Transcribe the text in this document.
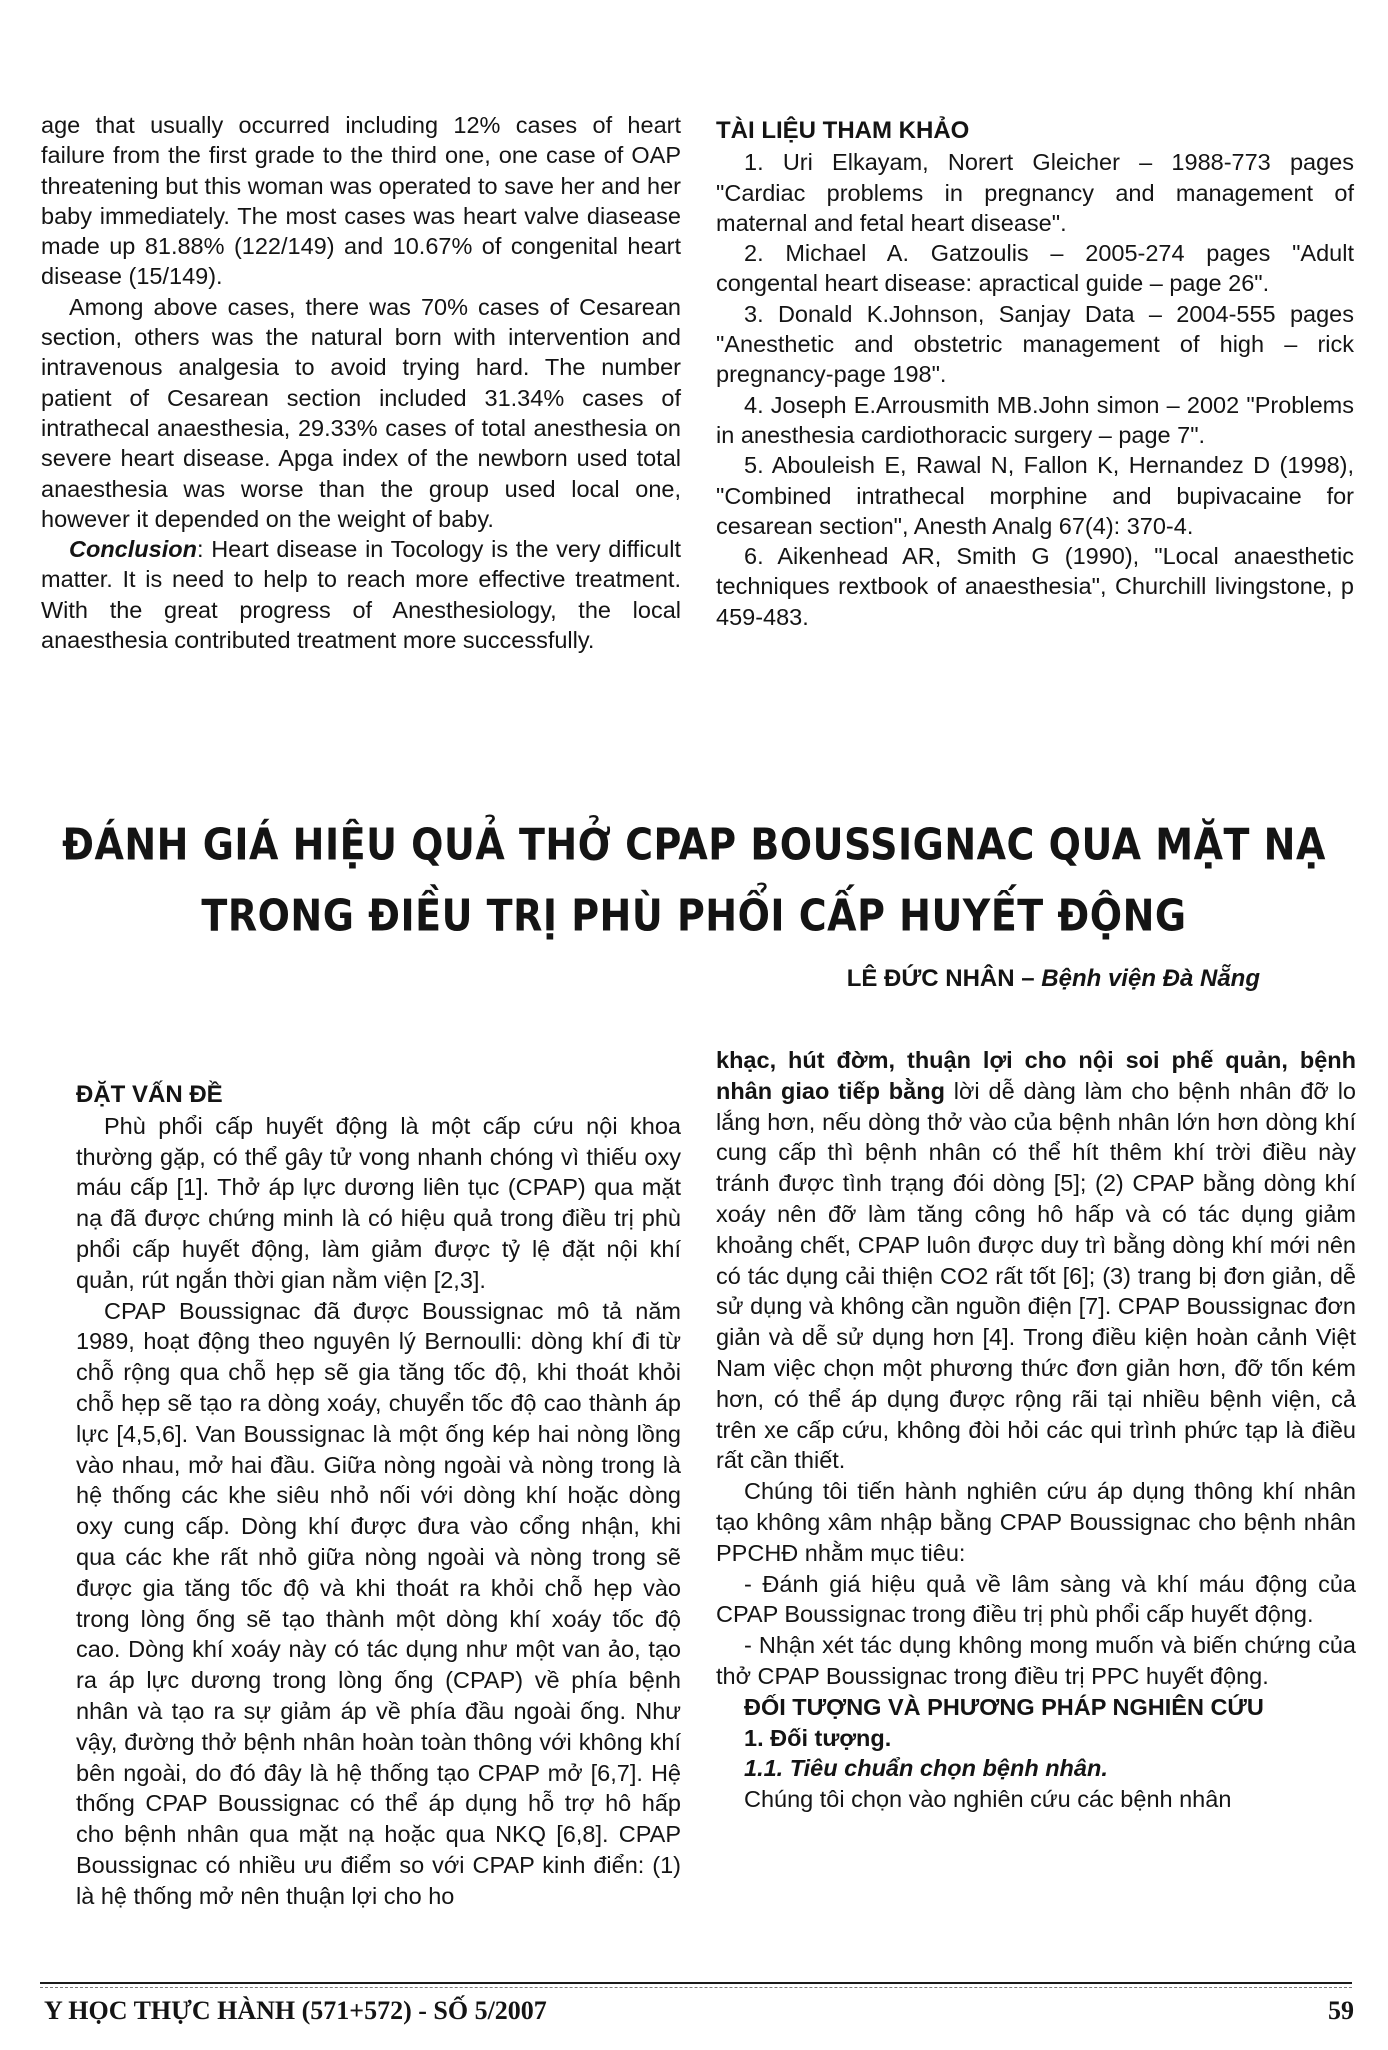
age that usually occurred including 12% cases of heart failure from the first grade to the third one, one case of OAP threatening but this woman was operated to save her and her baby immediately. The most cases was heart valve diasease made up 81.88% (122/149) and 10.67% of congenital heart disease (15/149).

Among above cases, there was 70% cases of Cesarean section, others was the natural born with intervention and intravenous analgesia to avoid trying hard. The number patient of Cesarean section included 31.34% cases of intrathecal anaesthesia, 29.33% cases of total anesthesia on severe heart disease. Apga index of the newborn used total anaesthesia was worse than the group used local one, however it depended on the weight of baby.

Conclusion: Heart disease in Tocology is the very difficult matter. It is need to help to reach more effective treatment. With the great progress of Anesthesiology, the local anaesthesia contributed treatment more successfully.

TÀI LIỆU THAM KHẢO

1. Uri Elkayam, Norert Gleicher – 1988-773 pages "Cardiac problems in pregnancy and management of maternal and fetal heart disease".

2. Michael A. Gatzoulis – 2005-274 pages "Adult congental heart disease: apractical guide – page 26".

3. Donald K.Johnson, Sanjay Data – 2004-555 pages "Anesthetic and obstetric management of high – rick pregnancy-page 198".

4. Joseph E.Arrousmith MB.John simon – 2002 "Problems in anesthesia cardiothoracic surgery – page 7".

5. Abouleish E, Rawal N, Fallon K, Hernandez D (1998), "Combined intrathecal morphine and bupivacaine for cesarean section", Anesth Analg 67(4): 370-4.

6. Aikenhead AR, Smith G (1990), "Local anaesthetic techniques rextbook of anaesthesia", Churchill livingstone, p 459-483.

ĐÁNH GIÁ HIỆU QUẢ THỞ CPAP BOUSSIGNAC QUA MẶT NẠ
TRONG ĐIỀU TRỊ PHÙ PHỔI CẤP HUYẾT ĐỘNG
LÊ ĐỨC NHÂN – Bệnh viện Đà Nẵng
ĐẶT VẤN ĐỀ

Phù phổi cấp huyết động là một cấp cứu nội khoa thường gặp, có thể gây tử vong nhanh chóng vì thiếu oxy máu cấp [1]. Thở áp lực dương liên tục (CPAP) qua mặt nạ đã được chứng minh là có hiệu quả trong điều trị phù phổi cấp huyết động, làm giảm được tỷ lệ đặt nội khí quản, rút ngắn thời gian nằm viện [2,3].

CPAP Boussignac đã được Boussignac mô tả năm 1989, hoạt động theo nguyên lý Bernoulli: dòng khí đi từ chỗ rộng qua chỗ hẹp sẽ gia tăng tốc độ, khi thoát khỏi chỗ hẹp sẽ tạo ra dòng xoáy, chuyển tốc độ cao thành áp lực [4,5,6]. Van Boussignac là một ống kép hai nòng lồng vào nhau, mở hai đầu. Giữa nòng ngoài và nòng trong là hệ thống các khe siêu nhỏ nối với dòng khí hoặc dòng oxy cung cấp. Dòng khí được đưa vào cổng nhận, khi qua các khe rất nhỏ giữa nòng ngoài và nòng trong sẽ được gia tăng tốc độ và khi thoát ra khỏi chỗ hẹp vào trong lòng ống sẽ tạo thành một dòng khí xoáy tốc độ cao. Dòng khí xoáy này có tác dụng như một van ảo, tạo ra áp lực dương trong lòng ống (CPAP) về phía bệnh nhân và tạo ra sự giảm áp về phía đầu ngoài ống. Như vậy, đường thở bệnh nhân hoàn toàn thông với không khí bên ngoài, do đó đây là hệ thống tạo CPAP mở [6,7]. Hệ thống CPAP Boussignac có thể áp dụng hỗ trợ hô hấp cho bệnh nhân qua mặt nạ hoặc qua NKQ [6,8]. CPAP Boussignac có nhiều ưu điểm so với CPAP kinh điển: (1) là hệ thống mở nên thuận lợi cho ho

khạc, hút đờm, thuận lợi cho nội soi phế quản, bệnh nhân giao tiếp bằng lời dễ dàng làm cho bệnh nhân đỡ lo lắng hơn, nếu dòng thở vào của bệnh nhân lớn hơn dòng khí cung cấp thì bệnh nhân có thể hít thêm khí trời điều này tránh được tình trạng đói dòng [5]; (2) CPAP bằng dòng khí xoáy nên đỡ làm tăng công hô hấp và có tác dụng giảm khoảng chết, CPAP luôn được duy trì bằng dòng khí mới nên có tác dụng cải thiện CO2 rất tốt [6]; (3) trang bị đơn giản, dễ sử dụng và không cần nguồn điện [7]. CPAP Boussignac đơn giản và dễ sử dụng hơn [4]. Trong điều kiện hoàn cảnh Việt Nam việc chọn một phương thức đơn giản hơn, đỡ tốn kém hơn, có thể áp dụng được rộng rãi tại nhiều bệnh viện, cả trên xe cấp cứu, không đòi hỏi các qui trình phức tạp là điều rất cần thiết.

Chúng tôi tiến hành nghiên cứu áp dụng thông khí nhân tạo không xâm nhập bằng CPAP Boussignac cho bệnh nhân PPCHĐ nhằm mục tiêu:

- Đánh giá hiệu quả về lâm sàng và khí máu động của CPAP Boussignac trong điều trị phù phổi cấp huyết động.

- Nhận xét tác dụng không mong muốn và biến chứng của thở CPAP Boussignac trong điều trị PPC huyết động.

ĐỐI TƯỢNG VÀ PHƯƠNG PHÁP NGHIÊN CỨU

1. Đối tượng.

1.1. Tiêu chuẩn chọn bệnh nhân.

Chúng tôi chọn vào nghiên cứu các bệnh nhân

Y HỌC THỰC HÀNH (571+572) - SỐ 5/2007	59
